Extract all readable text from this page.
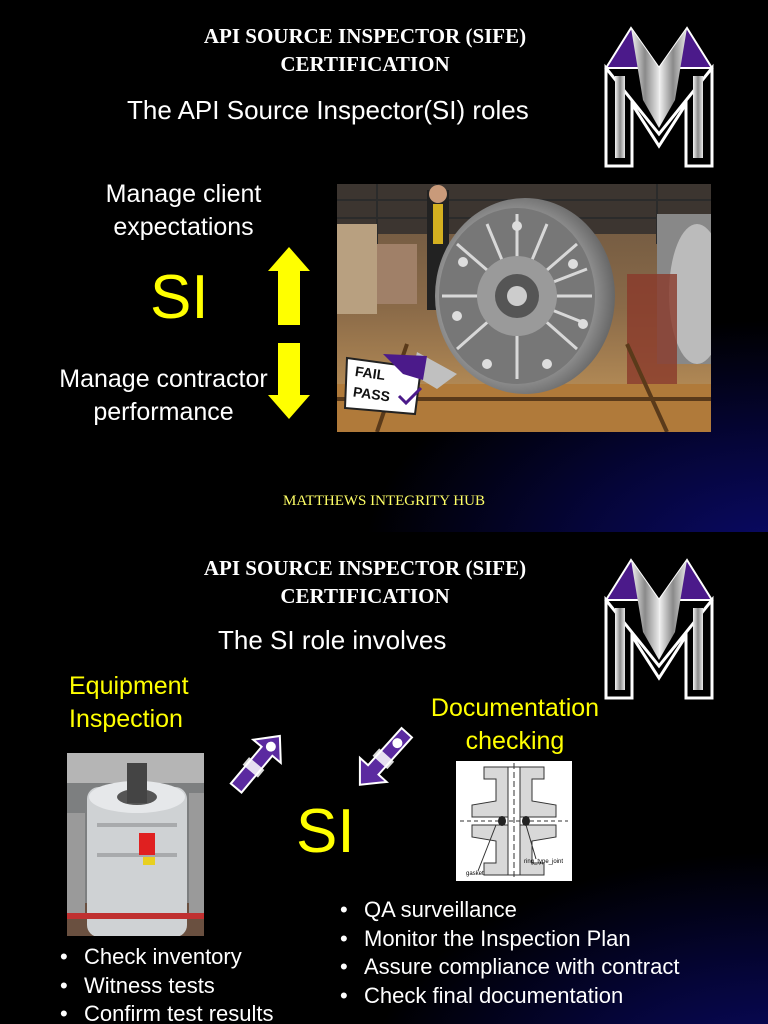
API SOURCE INSPECTOR (SIFE)
CERTIFICATION
The API Source Inspector(SI) roles
Manage client
expectations
SI
Manage contractor
performance
FAIL
PASS
MATTHEWS INTEGRITY HUB
API SOURCE INSPECTOR (SIFE)
CERTIFICATION
The SI role involves
Equipment
Inspection	Documentation
checking
SI
gasket
ring_type_joint
• QA surveillance
• Monitor the Inspection Plan
• Assure compliance with contract
• Check final documentation
• Check inventory
• Witness tests
• Confirm test results
